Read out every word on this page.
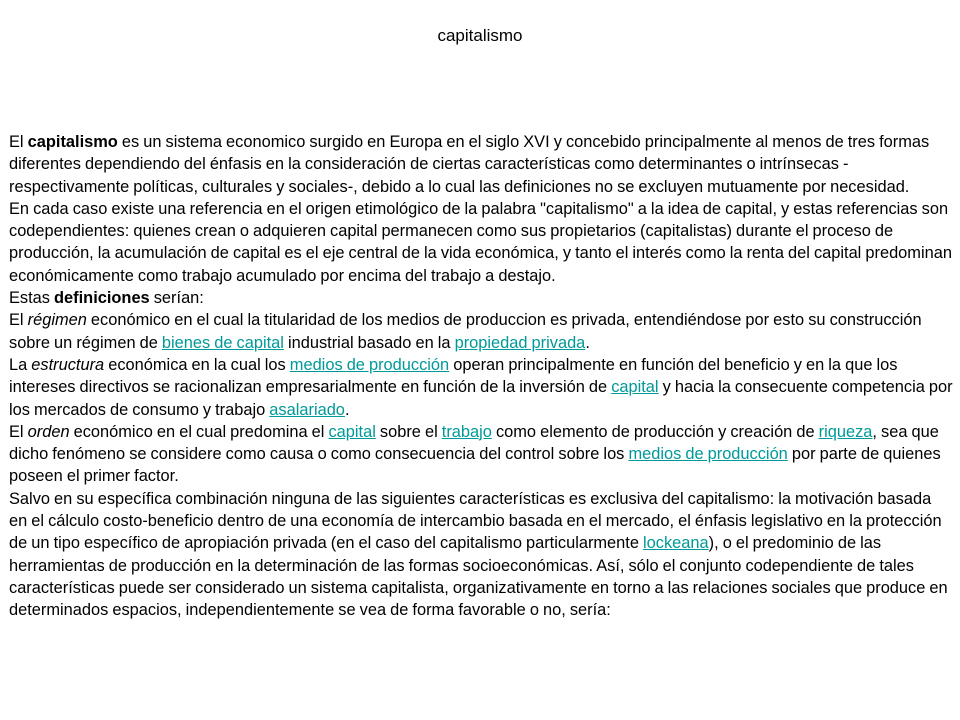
capitalismo

El capitalismo es un sistema economico surgido en Europa en el siglo XVI y concebido principalmente al menos de tres formas diferentes dependiendo del énfasis en la consideración de ciertas características como determinantes o intrínsecas -respectivamente políticas, culturales y sociales-, debido a lo cual las definiciones no se excluyen mutuamente por necesidad.

En cada caso existe una referencia en el origen etimológico de la palabra "capitalismo" a la idea de capital, y estas referencias son codependientes: quienes crean o adquieren capital permanecen como sus propietarios (capitalistas) durante el proceso de producción, la acumulación de capital es el eje central de la vida económica, y tanto el interés como la renta del capital predominan económicamente como trabajo acumulado por encima del trabajo a destajo.

Estas definiciones serían:

El régimen económico en el cual la titularidad de los medios de produccion es privada, entendiéndose por esto su construcción sobre un régimen de bienes de capital industrial basado en la propiedad privada.

La estructura económica en la cual los medios de producción operan principalmente en función del beneficio y en la que los intereses directivos se racionalizan empresarialmente en función de la inversión de capital y hacia la consecuente competencia por los mercados de consumo y trabajo asalariado.

El orden económico en el cual predomina el capital sobre el trabajo como elemento de producción y creación de riqueza, sea que dicho fenómeno se considere como causa o como consecuencia del control sobre los medios de producción por parte de quienes poseen el primer factor.

Salvo en su específica combinación ninguna de las siguientes características es exclusiva del capitalismo: la motivación basada en el cálculo costo-beneficio dentro de una economía de intercambio basada en el mercado, el énfasis legislativo en la protección de un tipo específico de apropiación privada (en el caso del capitalismo particularmente lockeana), o el predominio de las herramientas de producción en la determinación de las formas socioeconómicas. Así, sólo el conjunto codependiente de tales características puede ser considerado un sistema capitalista, organizativamente en torno a las relaciones sociales que produce en determinados espacios, independientemente se vea de forma favorable o no, sería:
